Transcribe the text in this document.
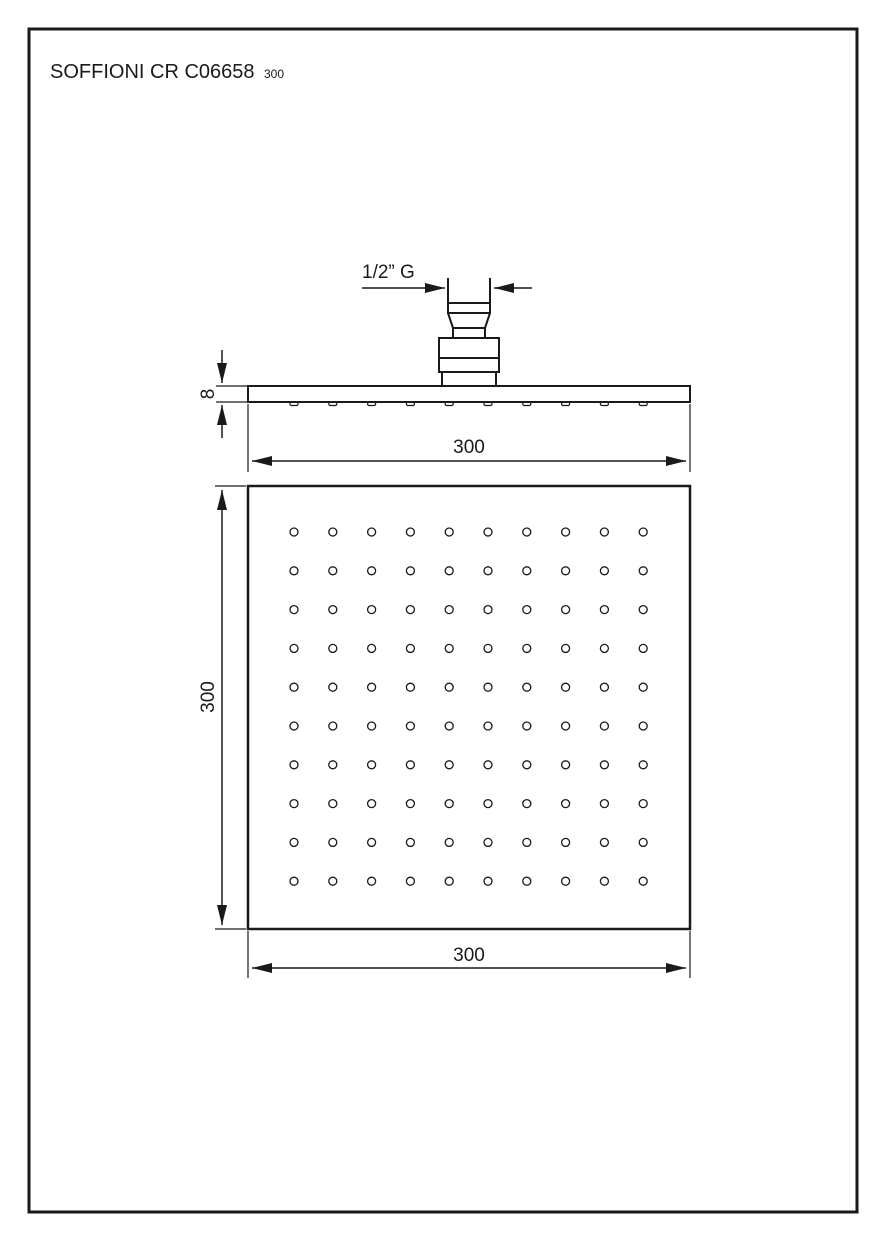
SOFFIONI CR C06658 300
1/2” G
8
300
300
300
